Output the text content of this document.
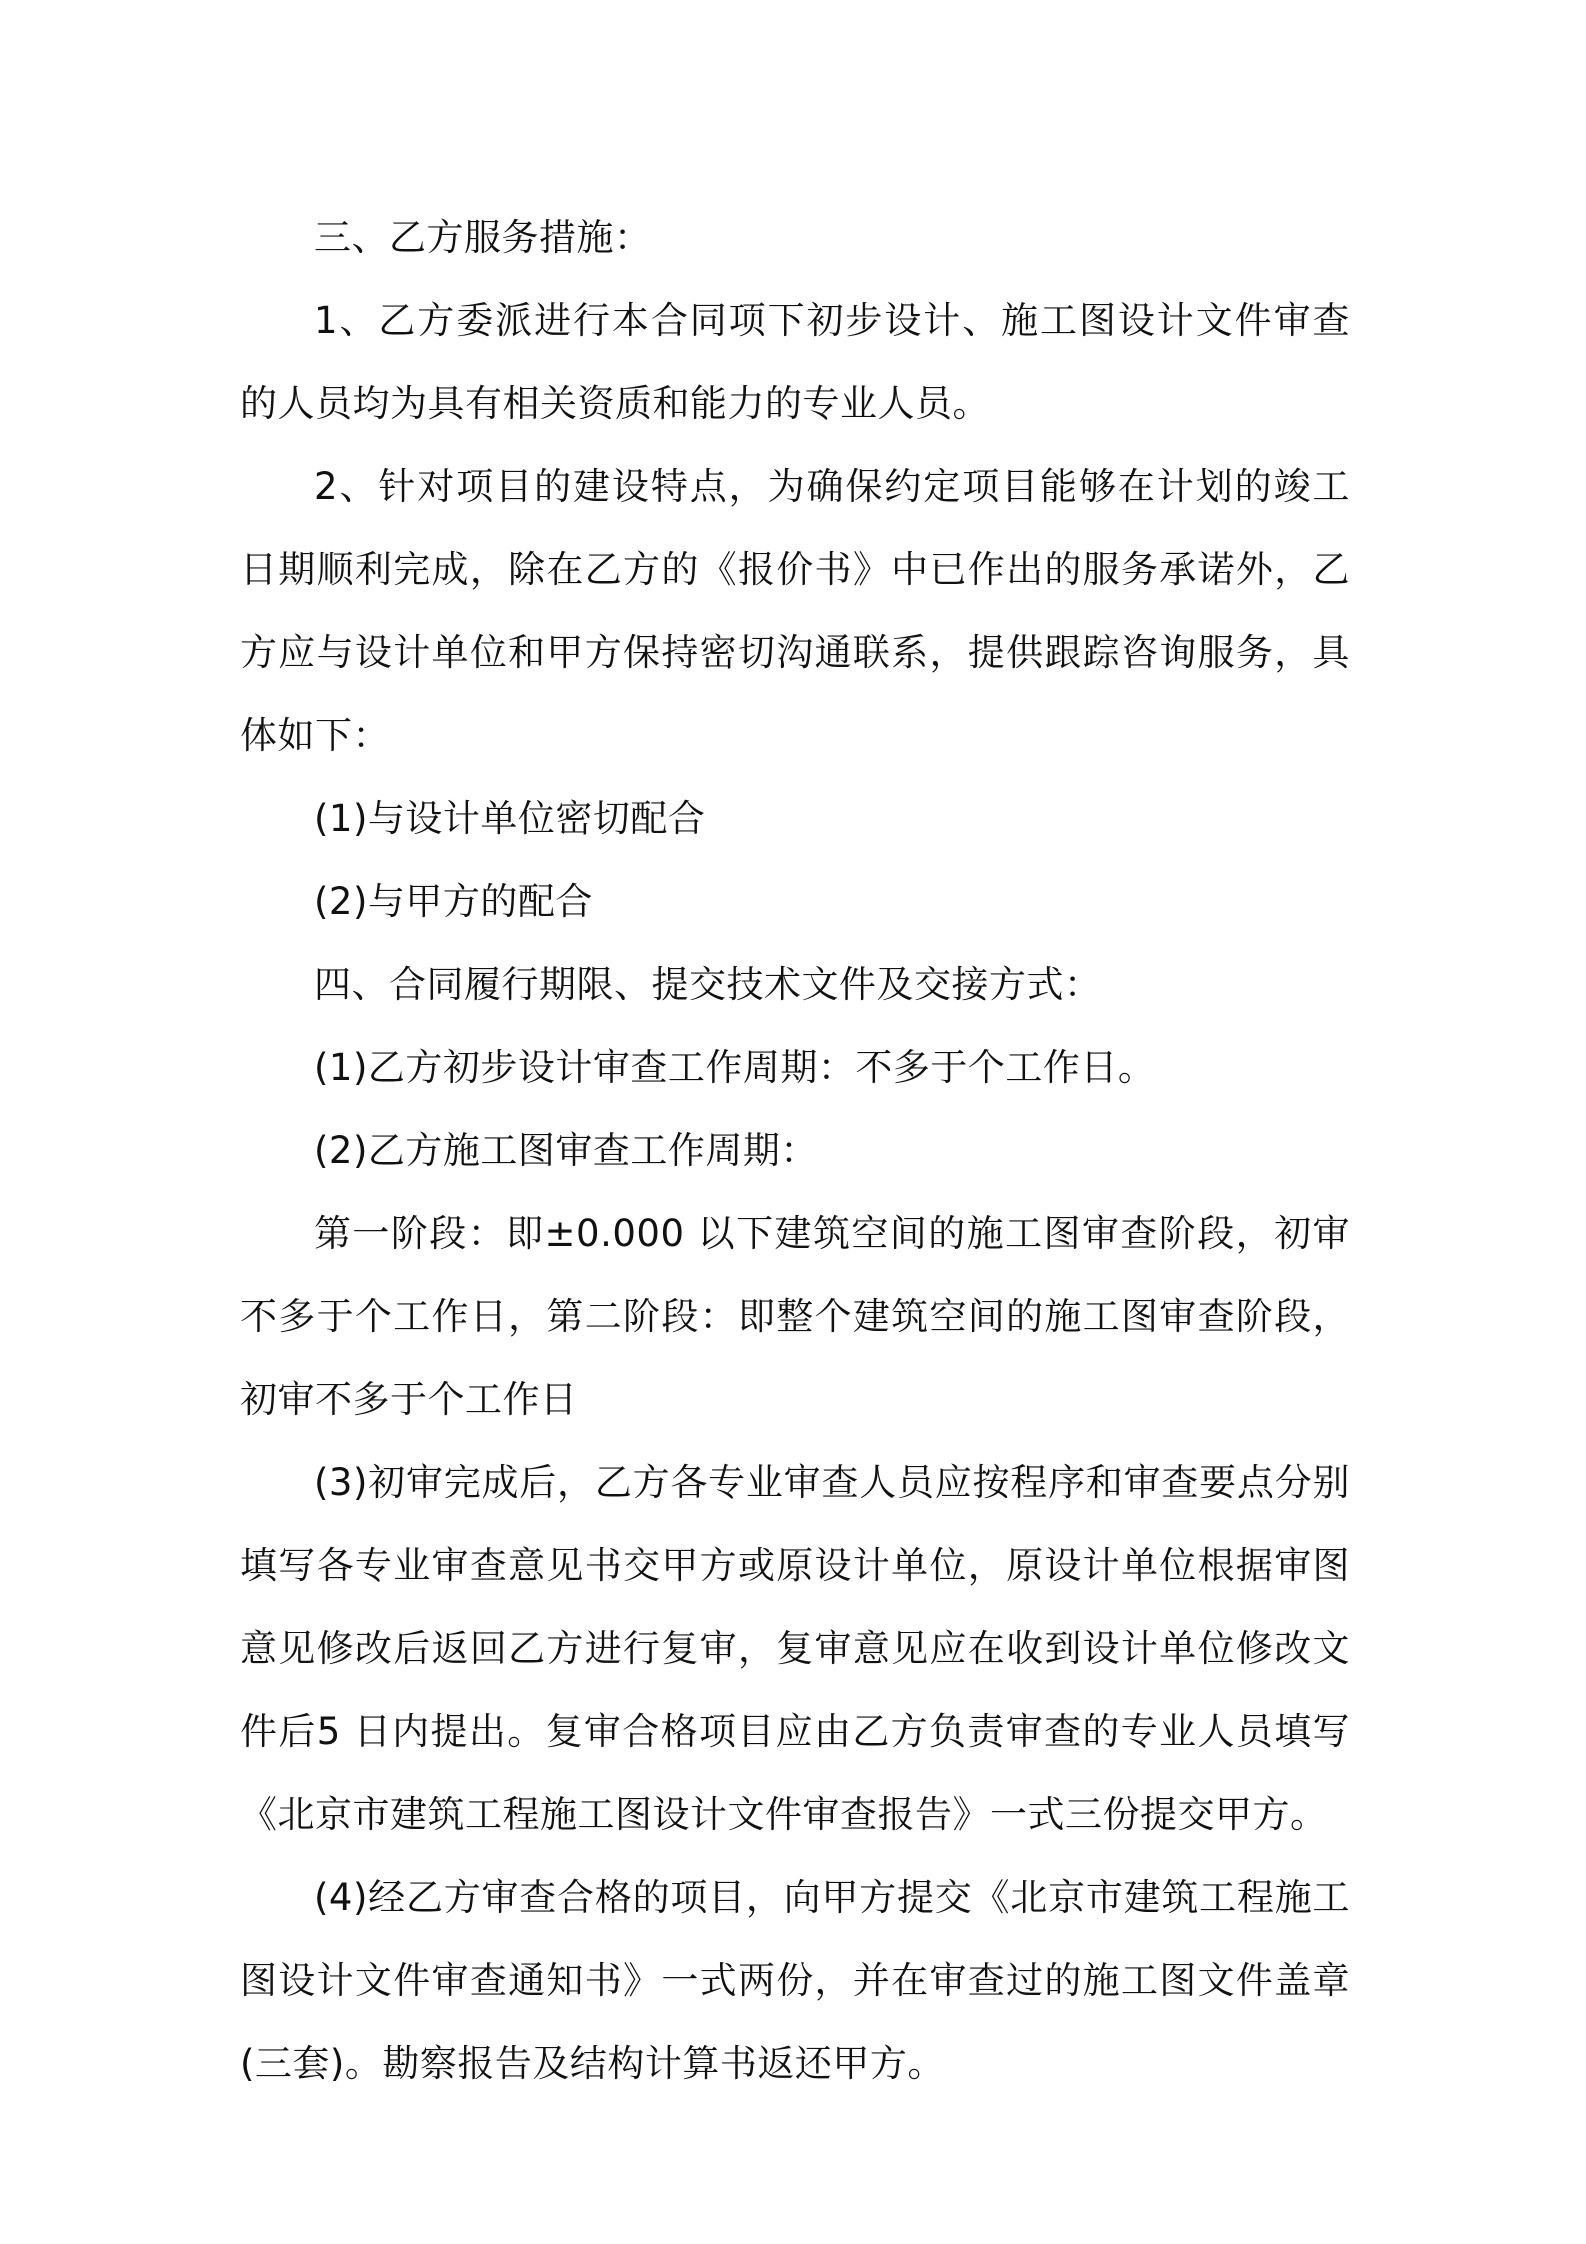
三、乙方服务措施：

1、乙方委派进行本合同项下初步设计、施工图设计文件审查的人员均为具有相关资质和能力的专业人员。

2、针对项目的建设特点，为确保约定项目能够在计划的竣工日期顺利完成，除在乙方的《报价书》中已作出的服务承诺外，乙方应与设计单位和甲方保持密切沟通联系，提供跟踪咨询服务，具体如下：

(1)与设计单位密切配合

(2)与甲方的配合

四、合同履行期限、提交技术文件及交接方式：

(1)乙方初步设计审查工作周期：不多于个工作日。

(2)乙方施工图审查工作周期：

第一阶段：即±0.000 以下建筑空间的施工图审查阶段，初审不多于个工作日，第二阶段：即整个建筑空间的施工图审查阶段，初审不多于个工作日

(3)初审完成后，乙方各专业审查人员应按程序和审查要点分别填写各专业审查意见书交甲方或原设计单位，原设计单位根据审图意见修改后返回乙方进行复审，复审意见应在收到设计单位修改文件后5 日内提出。复审合格项目应由乙方负责审查的专业人员填写《北京市建筑工程施工图设计文件审查报告》一式三份提交甲方。

(4)经乙方审查合格的项目，向甲方提交《北京市建筑工程施工图设计文件审查通知书》一式两份，并在审查过的施工图文件盖章(三套)。勘察报告及结构计算书返还甲方。
